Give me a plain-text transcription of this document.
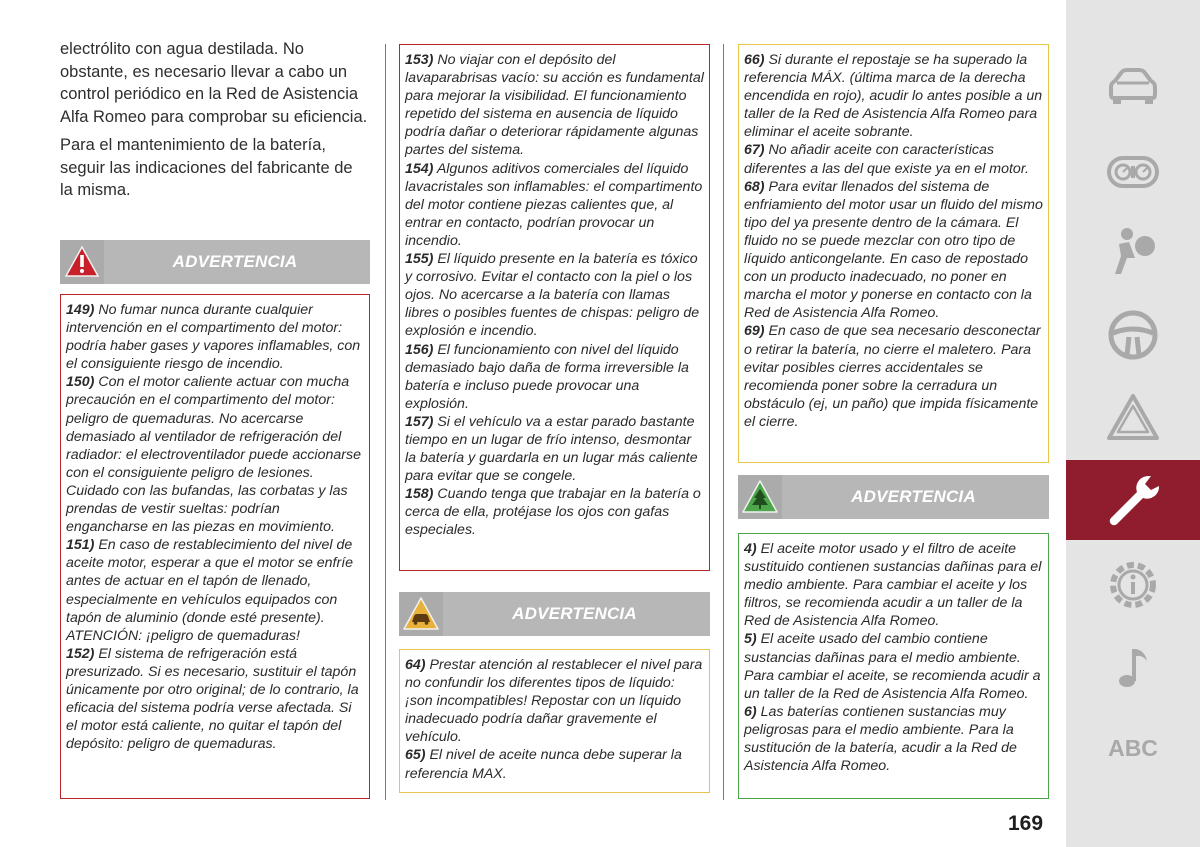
electrólito con agua destilada. No obstante, es necesario llevar a cabo un control periódico en la Red de Asistencia Alfa Romeo para comprobar su eficiencia.

Para el mantenimiento de la batería, seguir las indicaciones del fabricante de la misma.

ADVERTENCIA
149) No fumar nunca durante cualquier intervención en el compartimento del motor: podría haber gases y vapores inflamables, con el consiguiente riesgo de incendio.
150) Con el motor caliente actuar con mucha precaución en el compartimento del motor: peligro de quemaduras. No acercarse demasiado al ventilador de refrigeración del radiador: el electroventilador puede accionarse con el consiguiente peligro de lesiones. Cuidado con las bufandas, las corbatas y las prendas de vestir sueltas: podrían engancharse en las piezas en movimiento.
151) En caso de restablecimiento del nivel de aceite motor, esperar a que el motor se enfríe antes de actuar en el tapón de llenado, especialmente en vehículos equipados con tapón de aluminio (donde esté presente). ATENCIÓN: ¡peligro de quemaduras!
152) El sistema de refrigeración está presurizado. Si es necesario, sustituir el tapón únicamente por otro original; de lo contrario, la eficacia del sistema podría verse afectada. Si el motor está caliente, no quitar el tapón del depósito: peligro de quemaduras.
153) No viajar con el depósito del lavaparabrisas vacío: su acción es fundamental para mejorar la visibilidad. El funcionamiento repetido del sistema en ausencia de líquido podría dañar o deteriorar rápidamente algunas partes del sistema.
154) Algunos aditivos comerciales del líquido lavacristales son inflamables: el compartimento del motor contiene piezas calientes que, al entrar en contacto, podrían provocar un incendio.
155) El líquido presente en la batería es tóxico y corrosivo. Evitar el contacto con la piel o los ojos. No acercarse a la batería con llamas libres o posibles fuentes de chispas: peligro de explosión e incendio.
156) El funcionamiento con nivel del líquido demasiado bajo daña de forma irreversible la batería e incluso puede provocar una explosión.
157) Si el vehículo va a estar parado bastante tiempo en un lugar de frío intenso, desmontar la batería y guardarla en un lugar más caliente para evitar que se congele.
158) Cuando tenga que trabajar en la batería o cerca de ella, protéjase los ojos con gafas especiales.
ADVERTENCIA
64) Prestar atención al restablecer el nivel para no confundir los diferentes tipos de líquido: ¡son incompatibles! Repostar con un líquido inadecuado podría dañar gravemente el vehículo.
65) El nivel de aceite nunca debe superar la referencia MAX.
66) Si durante el repostaje se ha superado la referencia MÁX. (última marca de la derecha encendida en rojo), acudir lo antes posible a un taller de la Red de Asistencia Alfa Romeo para eliminar el aceite sobrante.
67) No añadir aceite con características diferentes a las del que existe ya en el motor.
68) Para evitar llenados del sistema de enfriamiento del motor usar un fluido del mismo tipo del ya presente dentro de la cámara. El fluido no se puede mezclar con otro tipo de líquido anticongelante. En caso de repostado con un producto inadecuado, no poner en marcha el motor y ponerse en contacto con la Red de Asistencia Alfa Romeo.
69) En caso de que sea necesario desconectar o retirar la batería, no cierre el maletero. Para evitar posibles cierres accidentales se recomienda poner sobre la cerradura un obstáculo (ej, un paño) que impida físicamente el cierre.
ADVERTENCIA
4) El aceite motor usado y el filtro de aceite sustituido contienen sustancias dañinas para el medio ambiente. Para cambiar el aceite y los filtros, se recomienda acudir a un taller de la Red de Asistencia Alfa Romeo.
5) El aceite usado del cambio contiene sustancias dañinas para el medio ambiente. Para cambiar el aceite, se recomienda acudir a un taller de la Red de Asistencia Alfa Romeo.
6) Las baterías contienen sustancias muy peligrosas para el medio ambiente. Para la sustitución de la batería, acudir a la Red de Asistencia Alfa Romeo.
169
ABC
